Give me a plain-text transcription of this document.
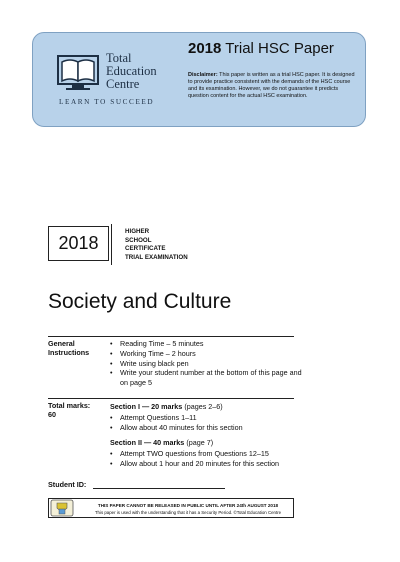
Total
Education
Centre
LEARN TO SUCCEED
2018 Trial HSC Paper
Disclaimer: This paper is written as a trial HSC paper. It is designed to provide practice consistent with the demands of the HSC course and its examination. However, we do not guarantee it predicts question content for the actual HSC examination.
2018
HIGHER
SCHOOL
CERTIFICATE
TRIAL EXAMINATION
Society and Culture
General
Instructions
• Reading Time – 5 minutes
• Working Time – 2 hours
• Write using black pen
• Write your student number at the bottom of this page and on page 5
Total marks:
60
Section I — 20 marks (pages 2–6)
• Attempt Questions 1–11
• Allow about 40 minutes for this section
Section II — 40 marks (page 7)
• Attempt TWO questions from Questions 12–15
• Allow about 1 hour and 20 minutes for this section
Student ID:
THIS PAPER CANNOT BE RELEASED IN PUBLIC UNTIL AFTER 24th AUGUST 2018
This paper is used with the understanding that it has a Security Period. ©Total Education Centre
